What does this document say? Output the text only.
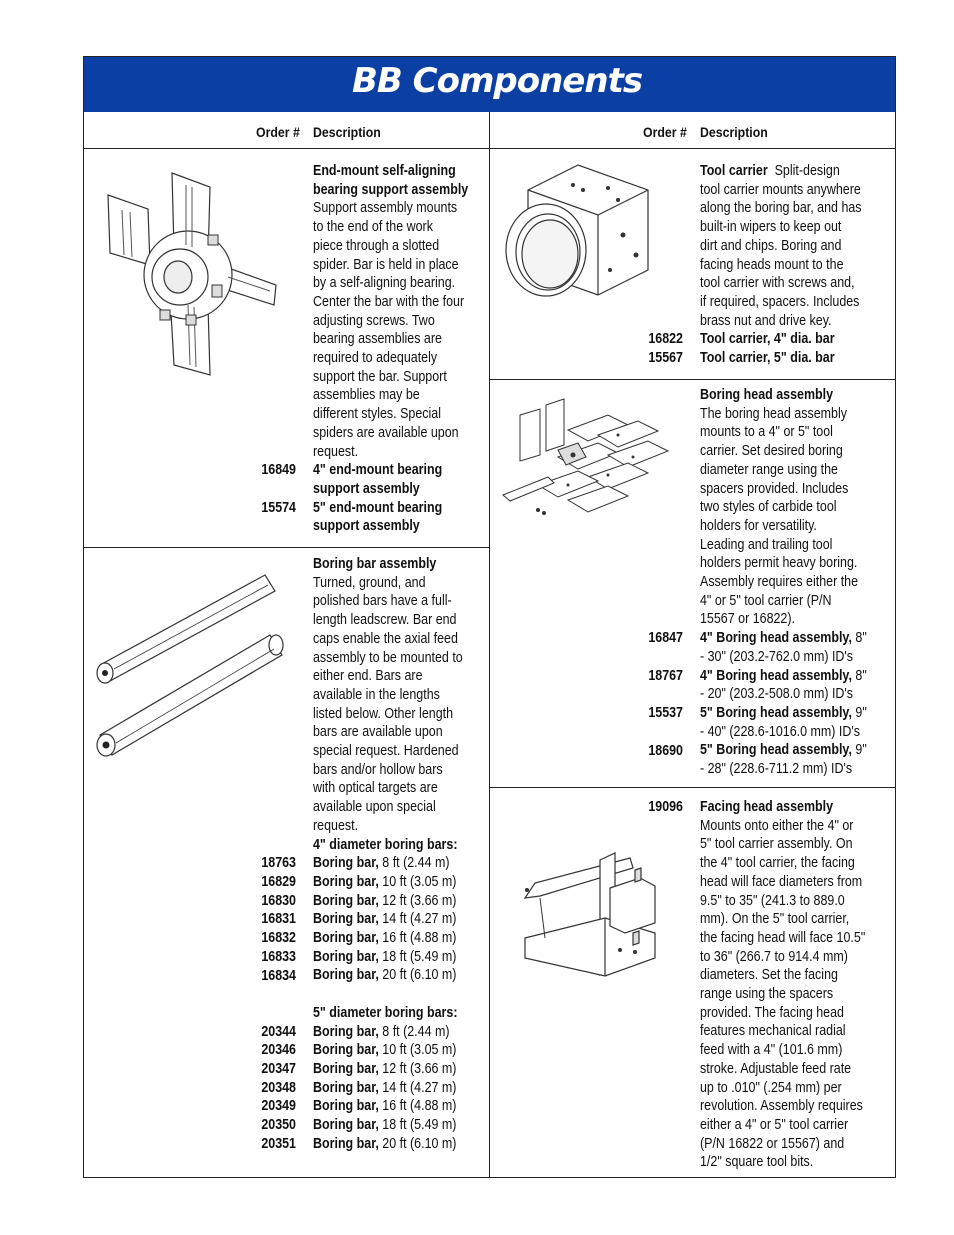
BB Components
Order # Description	Order # Description
End-mount self-aligning
bearing support assembly
Support assembly mounts
to the end of the work
piece through a slotted
spider. Bar is held in place
by a self-aligning bearing.
Center the bar with the four
adjusting screws. Two
bearing assemblies are
required to adequately
support the bar. Support
assemblies may be
different styles. Special
spiders are available upon
request.
4" end-mount bearing
support assembly
5" end-mount bearing
support assembly
16849
15574
Boring bar assembly
Turned, ground, and
polished bars have a full-
length leadscrew. Bar end
caps enable the axial feed
assembly to be mounted to
either end. Bars are
available in the lengths
listed below. Other length
bars are available upon
special request. Hardened
bars and/or hollow bars
with optical targets are
available upon special
request.
4" diameter boring bars:
Boring bar, 8 ft (2.44 m)
Boring bar, 10 ft (3.05 m)
Boring bar, 12 ft (3.66 m)
Boring bar, 14 ft (4.27 m)
Boring bar, 16 ft (4.88 m)
Boring bar, 18 ft (5.49 m)
Boring bar, 20 ft (6.10 m)

5" diameter boring bars:
Boring bar, 8 ft (2.44 m)
Boring bar, 10 ft (3.05 m)
Boring bar, 12 ft (3.66 m)
Boring bar, 14 ft (4.27 m)
Boring bar, 16 ft (4.88 m)
Boring bar, 18 ft (5.49 m)
Boring bar, 20 ft (6.10 m)
18763
16829
16830
16831
16832
16833
16834
20344
20346
20347
20348
20349
20350
20351
Tool carrier Split-design
tool carrier mounts anywhere
along the boring bar, and has
built-in wipers to keep out
dirt and chips. Boring and
facing heads mount to the
tool carrier with screws and,
if required, spacers. Includes
brass nut and drive key.
Tool carrier, 4" dia. bar
Tool carrier, 5" dia. bar
16822
15567
Boring head assembly
The boring head assembly
mounts to a 4" or 5" tool
carrier. Set desired boring
diameter range using the
spacers provided. Includes
two styles of carbide tool
holders for versatility.
Leading and trailing tool
holders permit heavy boring.
Assembly requires either the
4" or 5" tool carrier (P/N
15567 or 16822).
4" Boring head assembly, 8"
- 30" (203.2-762.0 mm) ID's
4" Boring head assembly, 8"
- 20" (203.2-508.0 mm) ID's
5" Boring head assembly, 9"
- 40" (228.6-1016.0 mm) ID's
5" Boring head assembly, 9"
- 28" (228.6-711.2 mm) ID's
16847
18767
15537
18690
Facing head assembly
Mounts onto either the 4" or
5" tool carrier assembly. On
the 4" tool carrier, the facing
head will face diameters from
9.5" to 35" (241.3 to 889.0
mm). On the 5" tool carrier,
the facing head will face 10.5"
to 36" (266.7 to 914.4 mm)
diameters. Set the facing
range using the spacers
provided. The facing head
features mechanical radial
feed with a 4" (101.6 mm)
stroke. Adjustable feed rate
up to .010" (.254 mm) per
revolution. Assembly requires
either a 4" or 5" tool carrier
(P/N 16822 or 15567) and
1/2" square tool bits.
19096
